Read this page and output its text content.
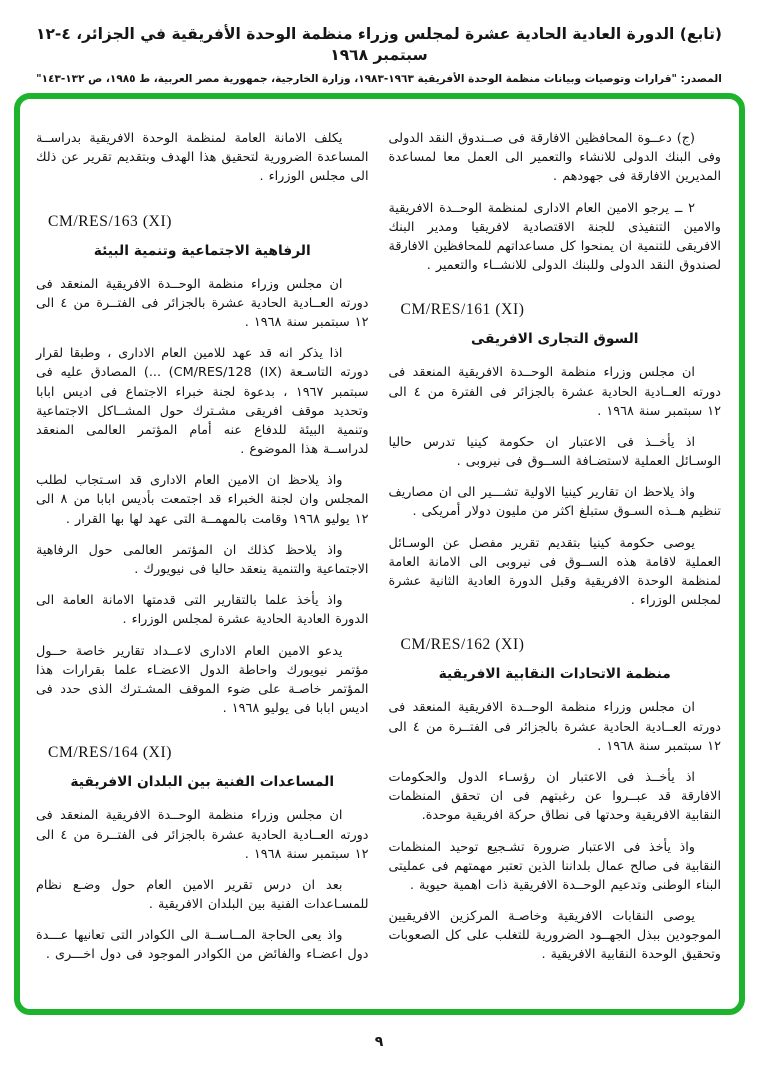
(تابع) الدورة العادية الحادية عشرة لمجلس وزراء منظمة الوحدة الأفريقية في الجزائر، ٤-١٢ سبتمبر ١٩٦٨
المصدر: "قرارات وتوصيات وبيانات منظمة الوحدة الأفريقية ١٩٦٣-١٩٨٣، وزارة الخارجية، جمهورية مصر العربية، ط ١٩٨٥، ص ١٣٢-١٤٣"

(ج) دعــوة المحافظين الافارقة فى صــندوق النقد الدولى وفى البنك الدولى للانشاء والتعمير الى العمل معا لمساعدة المديرين الافارقة فى جهودهم .

٢ ــ يرجو الامين العام الادارى لمنظمة الوحــدة الافريقية والامين التنفيذى للجنة الاقتصادية لافريقيا ومدير البنك الافريقى للتنمية ان يمنحوا كل مساعداتهم للمحافظين الافارقة لصندوق النقد الدولى وللبنك الدولى للانشــاء والتعمير .

CM/RES/161 (XI)
السوق التجارى الافريقى

ان مجلس وزراء منظمة الوحــدة الافريقية المنعقد فى دورته العــادية الحادية عشرة بالجزائر فى الفترة من ٤ الى ١٢ سبتمبر سنة ١٩٦٨ .

اذ يأخــذ فى الاعتبار ان حكومة كينيا تدرس حاليا الوسـائل العملية لاستضـافة الســوق فى نيروبى .

واذ يلاحظ ان تقارير كينيا الاولية تشـــير الى ان مصاريف تنظيم هــذه السـوق ستبلغ اكثر من مليون دولار أمريكى .

يوصى حكومة كينيا بتقديم تقرير مفصل عن الوسـائل العملية لاقامة هذه الســوق فى نيروبى الى الامانة العامة لمنظمة الوحدة الافريقية وقبل الدورة العادية الثانية عشرة لمجلس الوزراء .

CM/RES/162 (XI)
منظمة الاتحادات النقابية الافريقية

ان مجلس وزراء منظمة الوحــدة الافريقية المنعقد فى دورته العــادية الحادية عشرة بالجزائر فى الفتــرة من ٤ الى ١٢ سبتمبر سنة ١٩٦٨ .

اذ يأخــذ فى الاعتبار ان رؤسـاء الدول والحكومات الافارقة قد عبــروا عن رغبتهم فى ان تحقق المنظمات النقابية الافريقية وحدتها فى نطاق حركة افريقية موحدة.

واذ يأخذ فى الاعتبار ضرورة تشـجيع توحيد المنظمات النقابية فى صالح عمال بلداننا الذين تعتبر مهمتهم فى عمليتى البناء الوطنى وتدعيم الوحــدة الافريقية ذات اهمية حيوية .

يوصى النقابات الافريقية وخاصـة المركزين الافريقيين الموجودين ببذل الجهــود الضرورية للتغلب على كل الصعوبات وتحقيق الوحدة النقابية الافريقية .

يكلف الامانة العامة لمنظمة الوحدة الافريقية بدراســة المساعدة الضرورية لتحقيق هذا الهدف وبتقديم تقرير عن ذلك الى مجلس الوزراء .

CM/RES/163 (XI)
الرفاهية الاجتماعية وتنمية البيئة

ان مجلس وزراء منظمة الوحــدة الافريقية المنعقد فى دورته العــادية الحادية عشرة بالجزائر فى الفتــرة من ٤ الى ١٢ سبتمبر سنة ١٩٦٨ .

اذا يذكر انه قد عهد للامين العام الادارى ، وطبقا لقرار دورته التاسـعة ⁦(... (CM/RES/128 (IX)⁩ المصادق عليه فى سبتمبر ١٩٦٧ ، بدعوة لجنة خبراء الاجتماع فى اديس ابابا وتحديد موقف افريقى مشـترك حول المشــاكل الاجتماعية وتنمية البيئة للدفاع عنه أمام المؤتمر العالمى المنعقد لدراســة هذا الموضوع .

واذ يلاحظ ان الامين العام الادارى قد اسـتجاب لطلب المجلس وان لجنة الخبراء قد اجتمعت بأديس ابابا من ٨ الى ١٢ يوليو ١٩٦٨ وقامت بالمهمــة التى عهد لها بها القرار .

واذ يلاحظ كذلك ان المؤتمر العالمى حول الرفاهية الاجتماعية والتنمية ينعقد حاليا فى نيويورك .

واذ يأخذ علما بالتقارير التى قدمتها الامانة العامة الى الدورة العادية الحادية عشرة لمجلس الوزراء .

يدعو الامين العام الادارى لاعــداد تقارير خاصة حــول مؤتمر نيويورك واحاطة الدول الاعضـاء علما بقرارات هذا المؤتمر خاصـة على ضوء الموقف المشـترك الذى حدد فى اديس ابابا فى يوليو ١٩٦٨ .

CM/RES/164 (XI)
المساعدات الفنية بين البلدان الافريقية

ان مجلس وزراء منظمة الوحــدة الافريقية المنعقد فى دورته العــادية الحادية عشرة بالجزائر فى الفتــرة من ٤ الى ١٢ سبتمبر سنة ١٩٦٨ .

بعد ان درس تقرير الامين العام حول وضـع نظام للمسـاعدات الفنية بين البلدان الافريقية .

واذ يعى الحاجة المــاســة الى الكوادر التى تعانيها عـــدة دول اعضـاء والفائض من الكوادر الموجود فى دول اخـــرى .

٩
